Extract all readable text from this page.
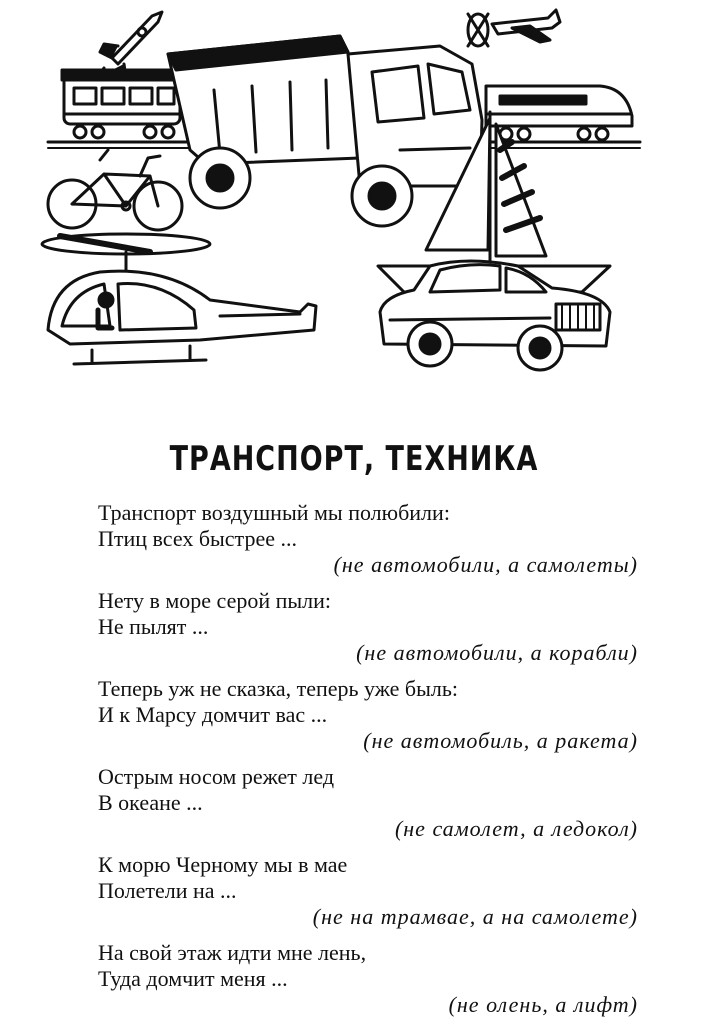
ТРАНСПОРТ, ТЕХНИКА
Транспорт воздушный мы полюбили:
Птиц всех быстрее ...
(не автомобили, а самолеты)
Нету в море серой пыли:
Не пылят ...
(не автомобили, а корабли)
Теперь уж не сказка, теперь уже быль:
И к Марсу домчит вас ...
(не автомобиль, а ракета)
Острым носом режет лед
В океане ...
(не самолет, а ледокол)
К морю Черному мы в мае
Полетели на ...
(не на трамвае, а на самолете)
На свой этаж идти мне лень,
Туда домчит меня ...
(не олень, а лифт)
